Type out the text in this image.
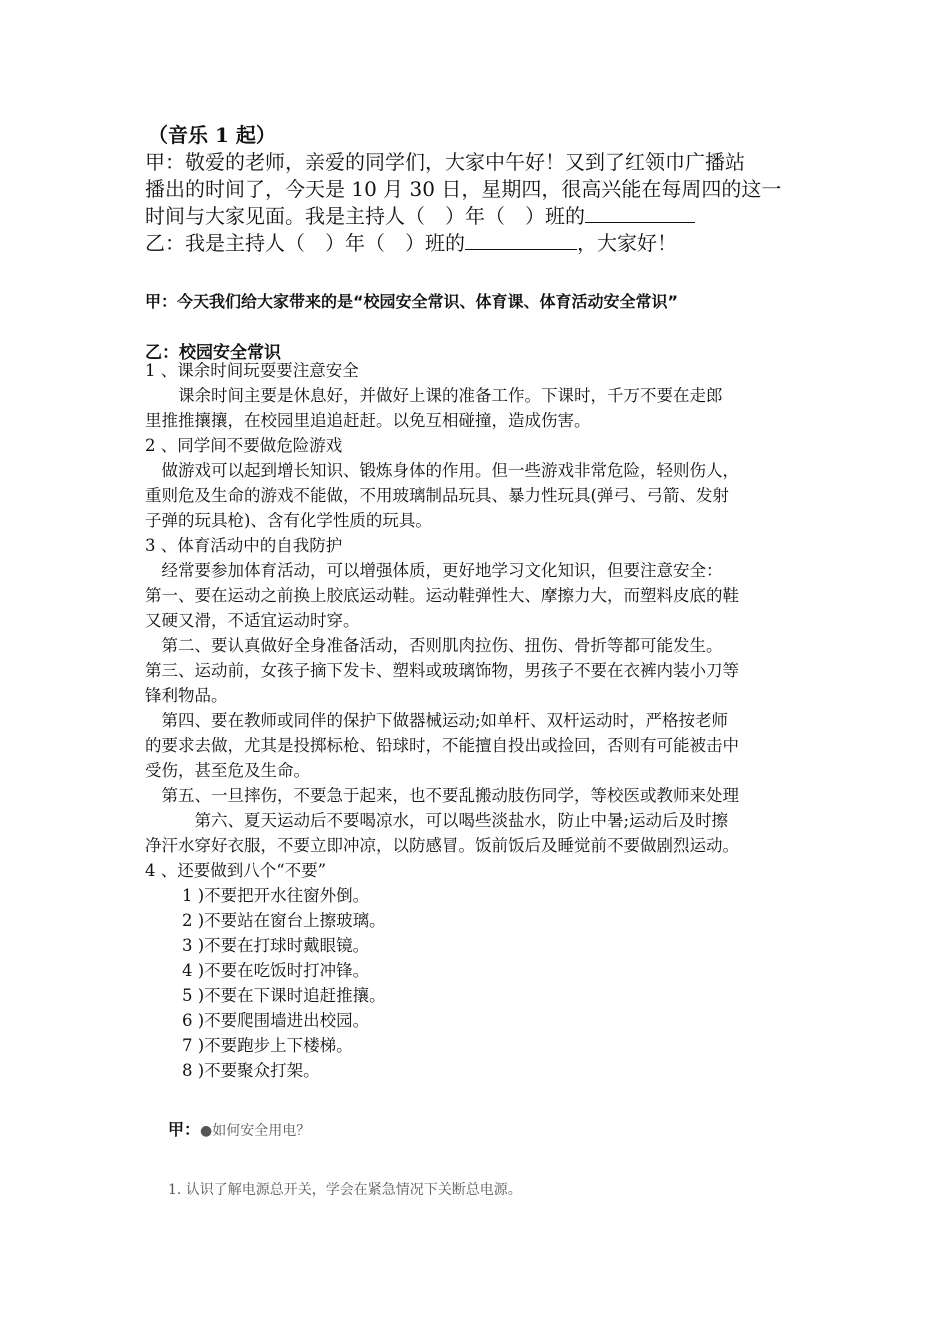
（音乐 1 起）
甲：敬爱的老师，亲爱的同学们，大家中午好！又到了红领巾广播站
播出的时间了，今天是 10 月 30 日，星期四，很高兴能在每周四的这一
时间与大家见面。我是主持人（　）年（　）班的
乙：我是主持人（　）年（　）班的	，大家好！
甲：今天我们给大家带来的是“校园安全常识、体育课、体育活动安全常识”
乙：校园安全常识
1 、课余时间玩耍要注意安全
　　课余时间主要是休息好，并做好上课的准备工作。下课时，千万不要在走郎
里推推攘攘，在校园里追追赶赶。以免互相碰撞，造成伤害。
2 、同学间不要做危险游戏
　做游戏可以起到增长知识、锻炼身体的作用。但一些游戏非常危险，轻则伤人，
重则危及生命的游戏不能做，不用玻璃制品玩具、暴力性玩具(弹弓、弓箭、发射
子弹的玩具枪)、含有化学性质的玩具。
3 、体育活动中的自我防护
　经常要参加体育活动，可以增强体质，更好地学习文化知识，但要注意安全：
第一、要在运动之前换上胶底运动鞋。运动鞋弹性大、摩擦力大，而塑料皮底的鞋
又硬又滑，不适宜运动时穿。
　第二、要认真做好全身准备活动，否则肌肉拉伤、扭伤、骨折等都可能发生。
第三、运动前，女孩子摘下发卡、塑料或玻璃饰物，男孩子不要在衣裤内装小刀等
锋利物品。
　第四、要在教师或同伴的保护下做器械运动;如单杆、双杆运动时，严格按老师
的要求去做，尤其是投掷标枪、铅球时，不能擅自投出或捡回，否则有可能被击中
受伤，甚至危及生命。
　第五、一旦摔伤，不要急于起来，也不要乱搬动肢伤同学，等校医或教师来处理
　　　第六、夏天运动后不要喝凉水，可以喝些淡盐水，防止中暑;运动后及时擦
净汗水穿好衣服，不要立即冲凉，以防感冒。饭前饭后及睡觉前不要做剧烈运动。
4 、还要做到八个“不要”
1 )不要把开水往窗外倒。
2 )不要站在窗台上擦玻璃。
3 )不要在打球时戴眼镜。
4 )不要在吃饭时打冲锋。
5 )不要在下课时追赶推攘。
6 )不要爬围墙进出校园。
7 )不要跑步上下楼梯。
8 )不要聚众打架。
甲：●如何安全用电？
1. 认识了解电源总开关，学会在紧急情况下关断总电源。
